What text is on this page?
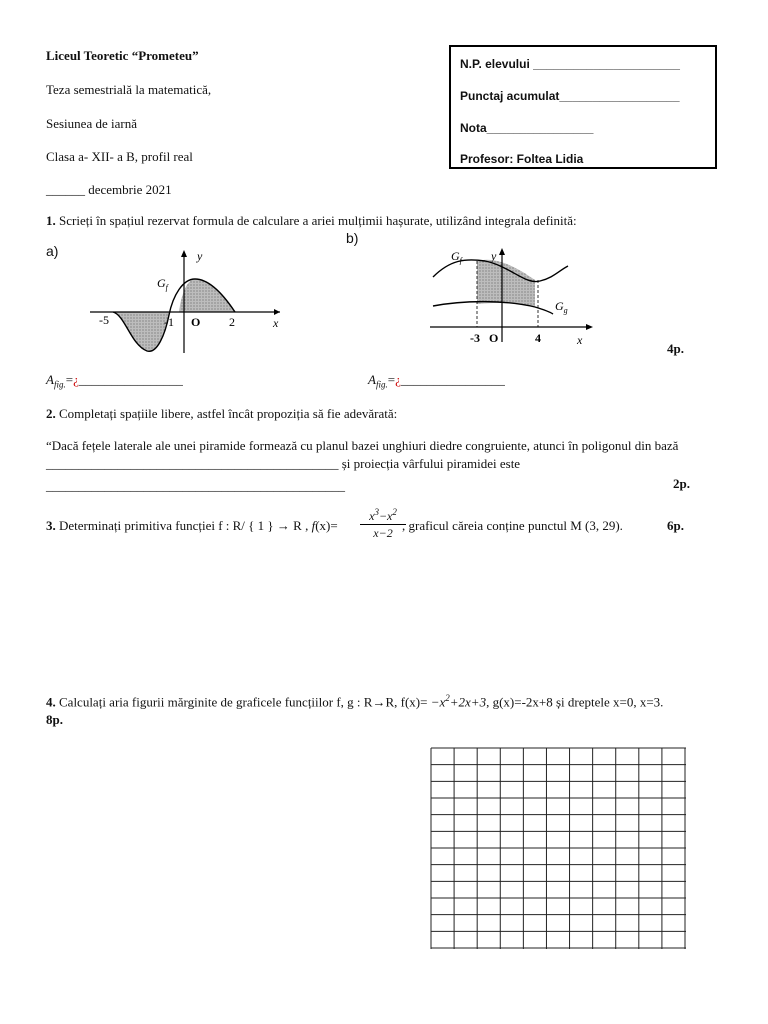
Liceul Teoretic “Prometeu”
Teza semestrială la matematică,
Sesiunea de iarnă
Clasa a- XII- a B, profil real
______ decembrie 2021
N.P. elevului ______________________
Punctaj acumulat__________________
Nota________________
Profesor: Foltea Lidia
1. Scrieți în spațiul rezervat formula de calculare a ariei mulțimii hașurate, utilizând integrala definită:
a)
b)
$G_f$
y
x
-5	-1 O 2
$G_f$
$G_g$
y
x
-3 O	4
4p.
$A_{fig.}=¿\_\_\_\_\_\_\_\_\_\_\_\_\_\_\_\_$	$A_{fig.}=¿\_\_\_\_\_\_\_\_\_\_\_\_\_\_\_\_$
2. Completați spațiile libere, astfel încât propoziția să fie adevărată:
“Dacă fețele laterale ale unei piramide formează cu planul bazei unghiuri diedre congruiente, atunci în poligonul din bază
_____________________________________________ și proiecția vârfului piramidei este
______________________________________________	2p.
3. Determinați primitiva funcției f : R/ { 1 } → R , f(x)=
$x^3-x^2$
x−2 , graficul căreia conține punctul M (3, 29).	6p.
4. Calculați aria figurii mărginite de graficele funcțiilor f, g : R→R, $f(x)= -x^2+2x+3$, g(x)=-2x+8 și dreptele x=0, x=3.
8p.
